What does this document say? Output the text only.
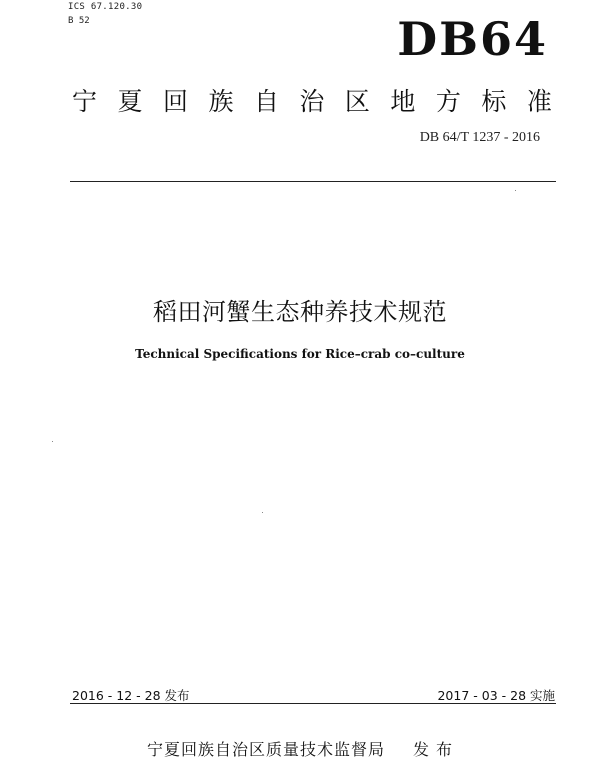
ICS 67.120.30
B 52	DB64
宁 夏 回 族 自 治 区 地 方 标 准
DB 64/T 1237 - 2016
稻田河蟹生态种养技术规范
Technical Specifications for Rice–crab co–culture
2016 - 12 - 28 发布	2017 - 03 - 28 实施
宁夏回族自治区质量技术监督局 发 布
